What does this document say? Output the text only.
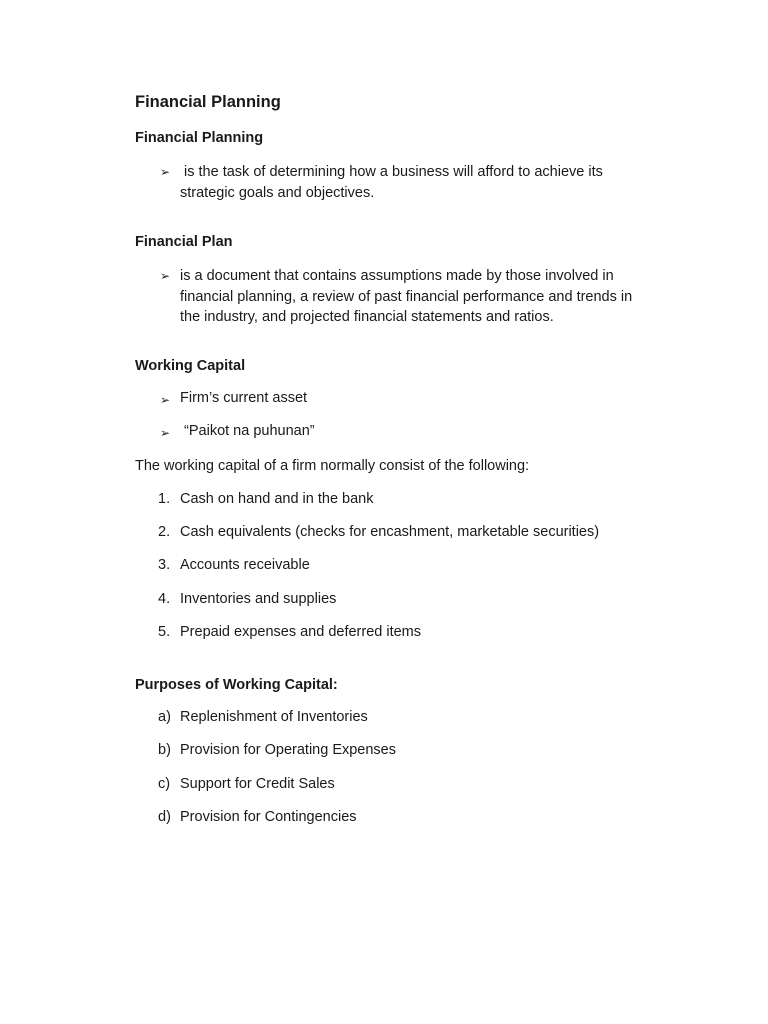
Financial Planning
Financial Planning
➢ is the task of determining how a business will afford to achieve its
strategic goals and objectives.
Financial Plan
➢ is a document that contains assumptions made by those involved in
financial planning, a review of past financial performance and trends in
the industry, and projected financial statements and ratios.
Working Capital
➢ Firm’s current asset
➢ “Paikot na puhunan”
The working capital of a firm normally consist of the following:
1. Cash on hand and in the bank
2. Cash equivalents (checks for encashment, marketable securities)
3. Accounts receivable
4. Inventories and supplies
5. Prepaid expenses and deferred items
Purposes of Working Capital:
a) Replenishment of Inventories
b) Provision for Operating Expenses
c) Support for Credit Sales
d) Provision for Contingencies
